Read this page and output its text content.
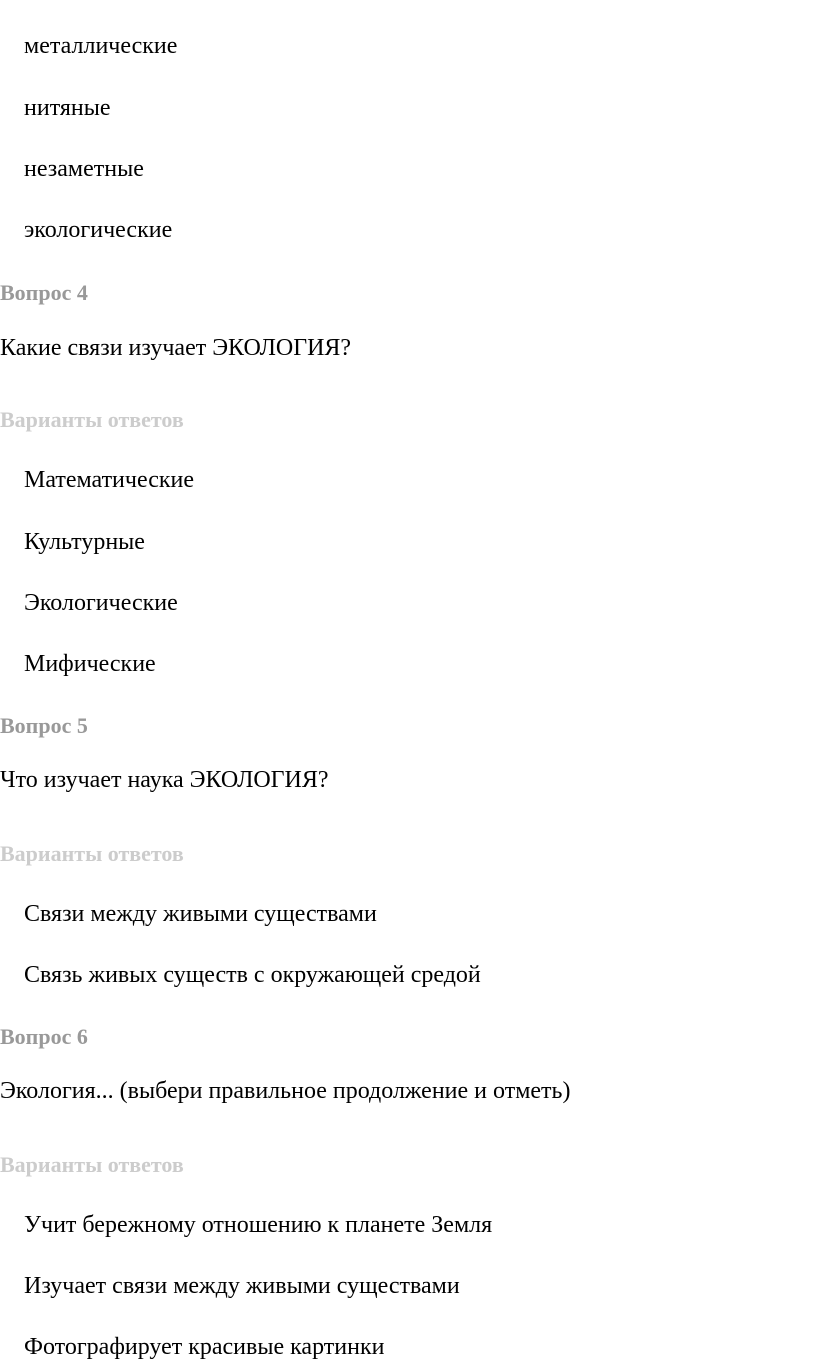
металлические
нитяные
незаметные
экологические
Вопрос 4
Какие связи изучает ЭКОЛОГИЯ?
Варианты ответов
Математические
Культурные
Экологические
Мифические
Вопрос 5
Что изучает наука ЭКОЛОГИЯ?
Варианты ответов
Связи между живыми существами
Связь живых существ с окружающей средой
Вопрос 6
Экология... (выбери правильное продолжение и отметь)
Варианты ответов
Учит бережному отношению к планете Земля
Изучает связи между живыми существами
Фотографирует красивые картинки
